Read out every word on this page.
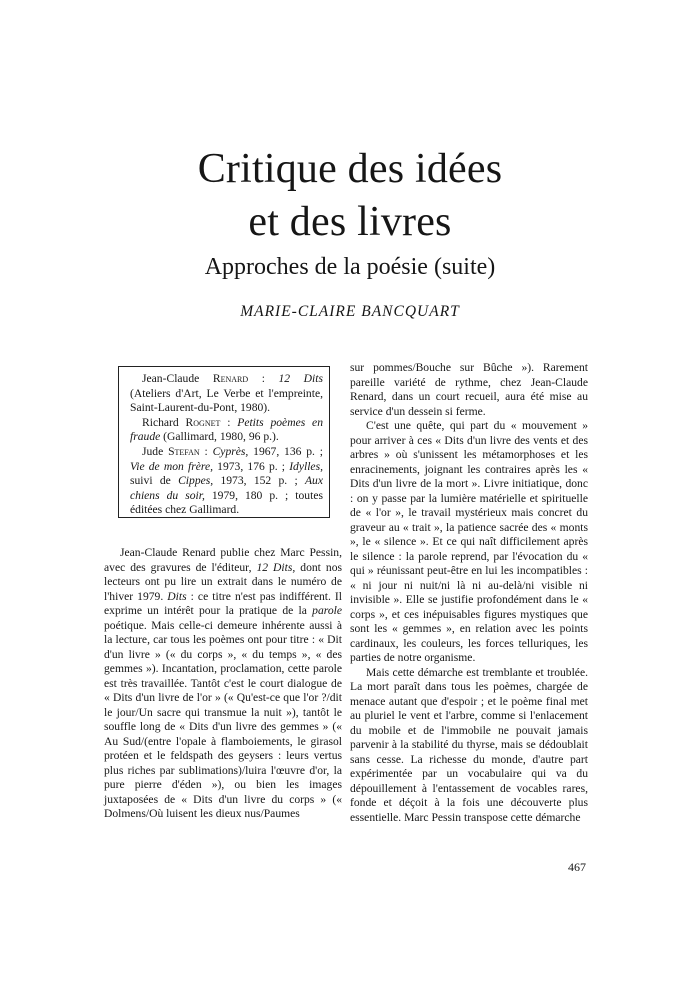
Critique des idées
et des livres
Approches de la poésie (suite)
MARIE-CLAIRE BANCQUART

Jean-Claude Renard : 12 Dits (Ateliers d'Art, Le Verbe et l'empreinte, Saint-Laurent-du-Pont, 1980).

Richard Rognet : Petits poèmes en fraude (Gallimard, 1980, 96 p.).

Jude Stefan : Cyprès, 1967, 136 p. ; Vie de mon frère, 1973, 176 p. ; Idylles, suivi de Cippes, 1973, 152 p. ; Aux chiens du soir, 1979, 180 p. ; toutes éditées chez Gallimard.

Jean-Claude Renard publie chez Marc Pessin, avec des gravures de l'éditeur, 12 Dits, dont nos lecteurs ont pu lire un extrait dans le numéro de l'hiver 1979. Dits : ce titre n'est pas indifférent. Il exprime un intérêt pour la pratique de la parole poétique. Mais celle-ci demeure inhérente aussi à la lecture, car tous les poèmes ont pour titre : « Dit d'un livre » (« du corps », « du temps », « des gemmes »). Incantation, proclamation, cette parole est très travaillée. Tantôt c'est le court dialogue de « Dits d'un livre de l'or » (« Qu'est-ce que l'or ?/dit le jour/Un sacre qui transmue la nuit »), tantôt le souffle long de « Dits d'un livre des gemmes » (« Au Sud/(entre l'opale à flamboiements, le girasol protéen et le feldspath des geysers : leurs vertus plus riches par sublimations)/luira l'œuvre d'or, la pure pierre d'éden »), ou bien les images juxtaposées de « Dits d'un livre du corps » (« Dolmens/Où luisent les dieux nus/Paumes

sur pommes/Bouche sur Bûche »). Rarement pareille variété de rythme, chez Jean-Claude Renard, dans un court recueil, aura été mise au service d'un dessein si ferme.

C'est une quête, qui part du « mouvement » pour arriver à ces « Dits d'un livre des vents et des arbres » où s'unissent les métamorphoses et les enracinements, joignant les contraires après les « Dits d'un livre de la mort ». Livre initiatique, donc : on y passe par la lumière matérielle et spirituelle de « l'or », le travail mystérieux mais concret du graveur au « trait », la patience sacrée des « monts », le « silence ». Et ce qui naît difficilement après le silence : la parole reprend, par l'évocation du « qui » réunissant peut-être en lui les incompatibles : « ni jour ni nuit/ni là ni au-delà/ni visible ni invisible ». Elle se justifie profondément dans le « corps », et ces inépuisables figures mystiques que sont les « gemmes », en relation avec les points cardinaux, les couleurs, les forces telluriques, les parties de notre organisme.

Mais cette démarche est tremblante et troublée. La mort paraît dans tous les poèmes, chargée de menace autant que d'espoir ; et le poème final met au pluriel le vent et l'arbre, comme si l'enlacement du mobile et de l'immobile ne pouvait jamais parvenir à la stabilité du thyrse, mais se dédoublait sans cesse. La richesse du monde, d'autre part expérimentée par un vocabulaire qui va du dépouillement à l'entassement de vocables rares, fonde et déçoit à la fois une découverte plus essentielle. Marc Pessin transpose cette démarche

467
